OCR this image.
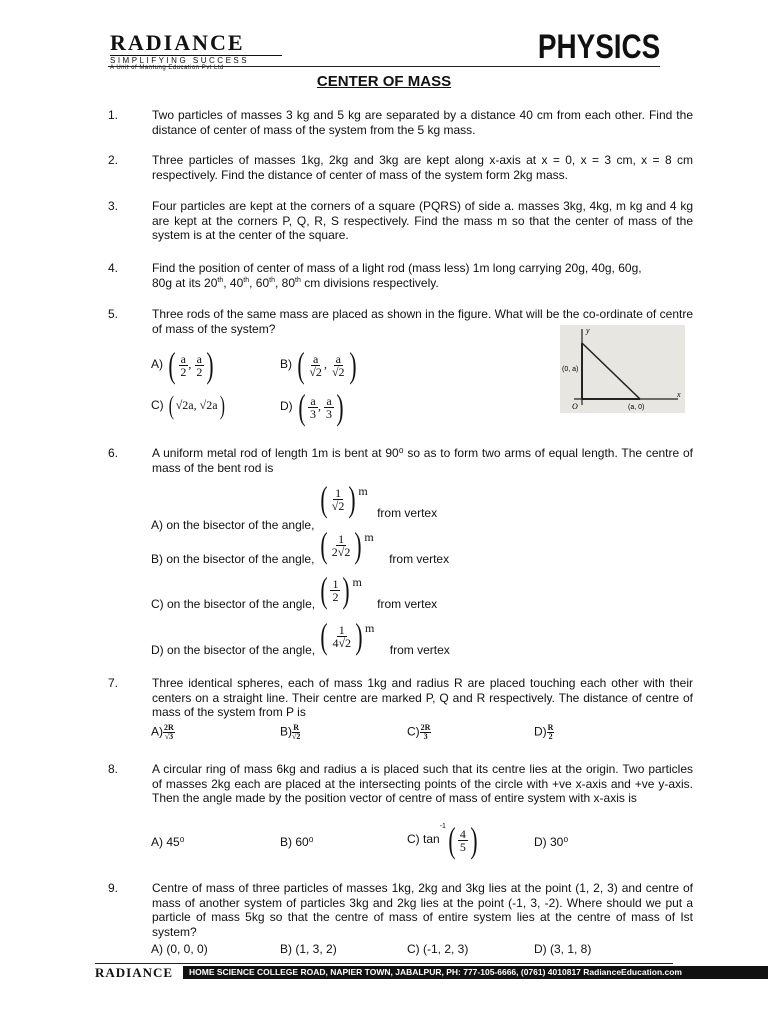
RADIANCE
SIMPLIFYING SUCCESS
A Unit of Mantung Education Pvt Ltd
PHYSICS
CENTER OF MASS
1.	Two particles of masses 3 kg and 5 kg are separated by a distance 40 cm from each other. Find the distance of center of mass of the system from the 5 kg mass.
2.	Three particles of masses 1kg, 2kg and 3kg are kept along x-axis at x = 0, x = 3 cm, x = 8 cm respectively. Find the distance of center of mass of the system form 2kg mass.
3.	Four particles are kept at the corners of a square (PQRS) of side a. masses 3kg, 4kg, m kg and 4 kg are kept at the corners P, Q, R, S respectively. Find the mass m so that the center of mass of the system is at the center of the square.
4.	Find the position of center of mass of a light rod (mass less) 1m long carrying 20g, 40g, 60g,
80g at its 20th, 40th, 60th, 80th cm divisions respectively.
5.	Three rods of the same mass are placed as shown in the figure. What will be the co-ordinate of centre of mass of the system?
A) ( $\frac{a}{2}$ , $\frac{a}{2}$ )	B) ( $\frac{a}{√2}$ , $\frac{a}{√2}$ )
C) ( √2a, √2a)	D) ( $\frac{a}{3}$ , $\frac{a}{3}$ )
y
x
O
(0, a)
(a, 0)
6.	A uniform metal rod of length 1m is bent at 90⁰ so as to form two arms of equal length. The centre of mass of the bent rod is
A) on the bisector of the angle, ( $\frac{1}{√2}$ ) m from vertex
B) on the bisector of the angle, ( $\frac{1}{2√2}$ ) m from vertex
C) on the bisector of the angle, ( $\frac{1}{2}$ ) m from vertex
D) on the bisector of the angle, ( $\frac{1}{4√2}$ ) m from vertex
7.	Three identical spheres, each of mass 1kg and radius R are placed touching each other with their centers on a straight line. Their centre are marked P, Q and R respectively. The distance of centre of mass of the system from P is
$A) \frac{2R}{√3}$	$B) \frac{R}{√2}$	$C) \frac{2R}{3}$	$D) \frac{R}{2}$
8.	A circular ring of mass 6kg and radius a is placed such that its centre lies at the origin. Two particles of masses 2kg each are placed at the intersecting points of the circle with +ve x-axis and +ve y-axis. Then the angle made by the position vector of centre of mass of entire system with x-axis is
A) 45⁰	B) 60⁰	C) $\tan^{-1}( \frac{4}{5}$ )	D) 30⁰
9.	Centre of mass of three particles of masses 1kg, 2kg and 3kg lies at the point (1, 2, 3) and centre of mass of another system of particles 3kg and 2kg lies at the point (-1, 3, -2). Where should we put a particle of mass 5kg so that the centre of mass of entire system lies at the centre of mass of Ist system?
A) (0, 0, 0)	B) (1, 3, 2)	C) (-1, 2, 3)	D) (3, 1, 8)
RADIANCE	HOME SCIENCE COLLEGE ROAD, NAPIER TOWN, JABALPUR, PH: 777-105-6666, (0761) 4010817 RadianceEducation.com
